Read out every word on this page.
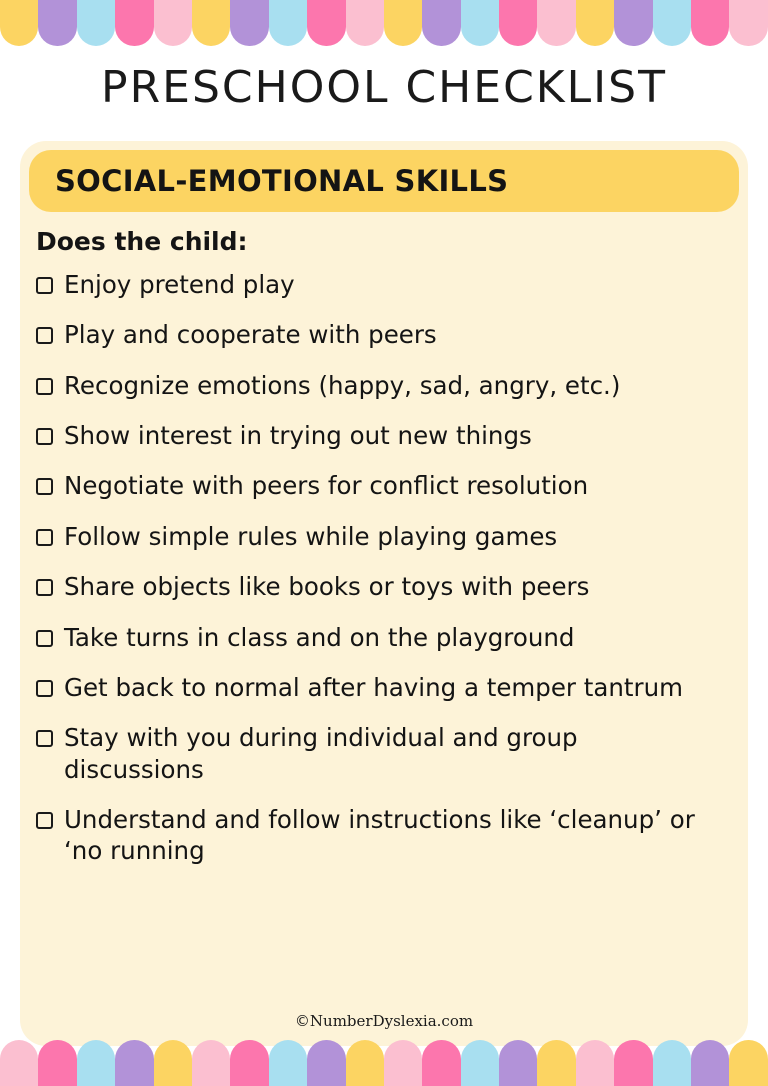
PRESCHOOL CHECKLIST
SOCIAL-EMOTIONAL SKILLS
Does the child:
Enjoy pretend play
Play and cooperate with peers
Recognize emotions (happy, sad, angry, etc.)
Show interest in trying out new things
Negotiate with peers for conflict resolution
Follow simple rules while playing games
Share objects like books or toys with peers
Take turns in class and on the playground
Get back to normal after having a temper tantrum
Stay with you during individual and group discussions
Understand and follow instructions like ‘cleanup’ or ‘no running
©NumberDyslexia.com
